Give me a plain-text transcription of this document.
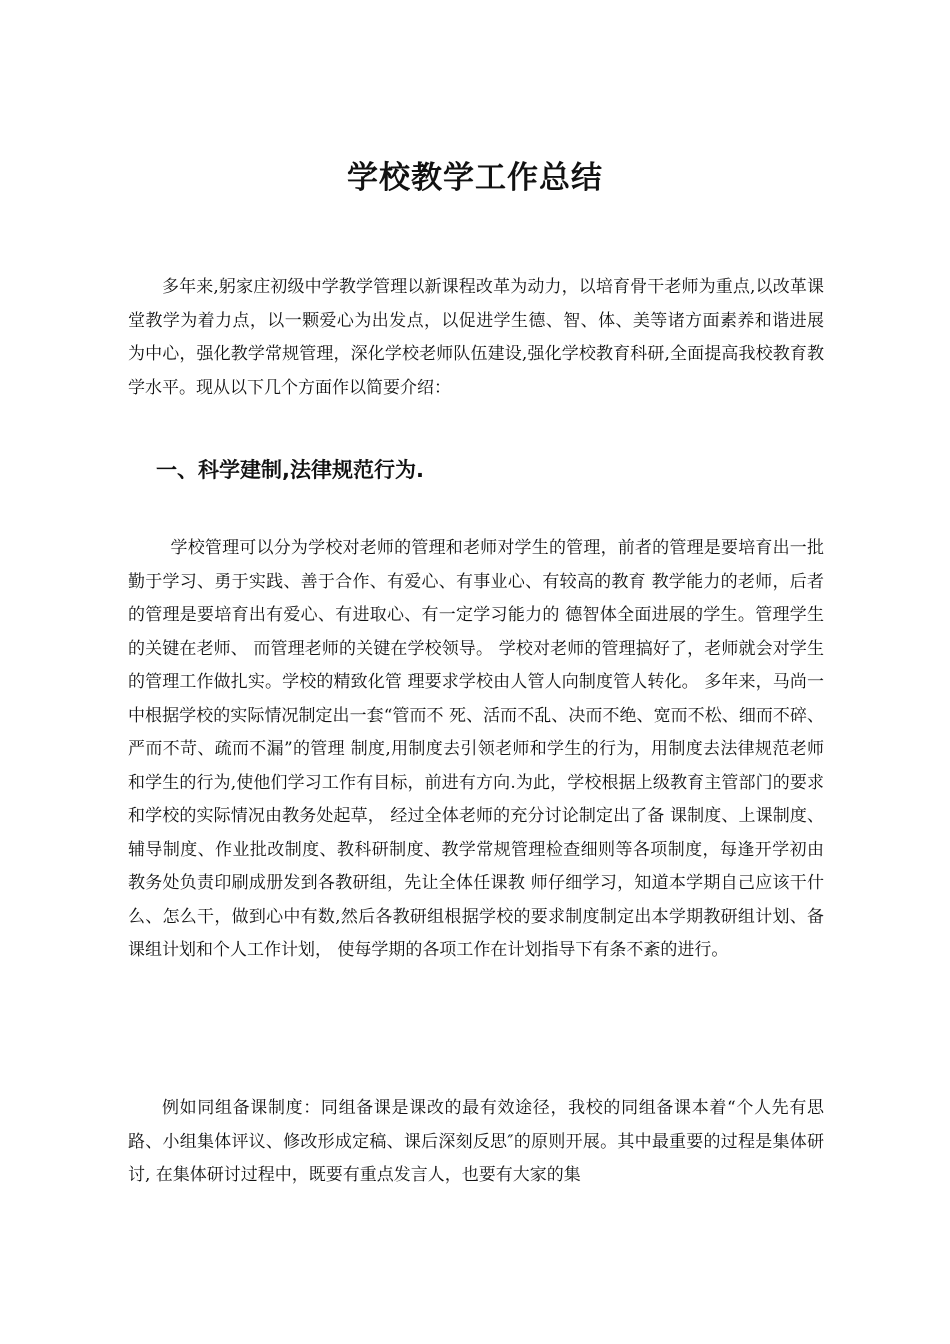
学校教学工作总结

多年来,躬家庄初级中学教学管理以新课程改革为动力，以培育骨干老师为重点,以改革课堂教学为着力点，以一颗爱心为出发点，以促进学生德、智、体、美等诸方面素养和谐进展为中心，强化教学常规管理，深化学校老师队伍建设,强化学校教育科研,全面提高我校教育教学水平。现从以下几个方面作以简要介绍：

一、科学建制,法律规范行为.

学校管理可以分为学校对老师的管理和老师对学生的管理，前者的管理是要培育出一批勤于学习、勇于实践、善于合作、有爱心、有事业心、有较高的教育 教学能力的老师，后者的管理是要培育出有爱心、有进取心、有一定学习能力的 德智体全面进展的学生。管理学生的关键在老师、 而管理老师的关键在学校领导。 学校对老师的管理搞好了，老师就会对学生的管理工作做扎实。学校的精致化管 理要求学校由人管人向制度管人转化。 多年来，马尚一中根据学校的实际情况制定出一套“管而不 死、活而不乱、决而不绝、宽而不松、细而不碎、严而不苛、疏而不漏”的管理 制度,用制度去引领老师和学生的行为，用制度去法律规范老师和学生的行为,使他们学习工作有目标，前进有方向.为此，学校根据上级教育主管部门的要求和学校的实际情况由教务处起草， 经过全体老师的充分讨论制定出了备 课制度、上课制度、辅导制度、作业批改制度、教科研制度、教学常规管理检查细则等各项制度，每逢开学初由教务处负责印刷成册发到各教研组，先让全体任课教 师仔细学习，知道本学期自己应该干什么、怎么干，做到心中有数,然后各教研组根据学校的要求制度制定出本学期教研组计划、备课组计划和个人工作计划， 使每学期的各项工作在计划指导下有条不紊的进行。

例如同组备课制度：同组备课是课改的最有效途径，我校的同组备课本着“个人先有思路、小组集体评议、修改形成定稿、课后深刻反思″的原则开展。其中最重要的过程是集体研讨, 在集体研讨过程中，既要有重点发言人，也要有大家的集
